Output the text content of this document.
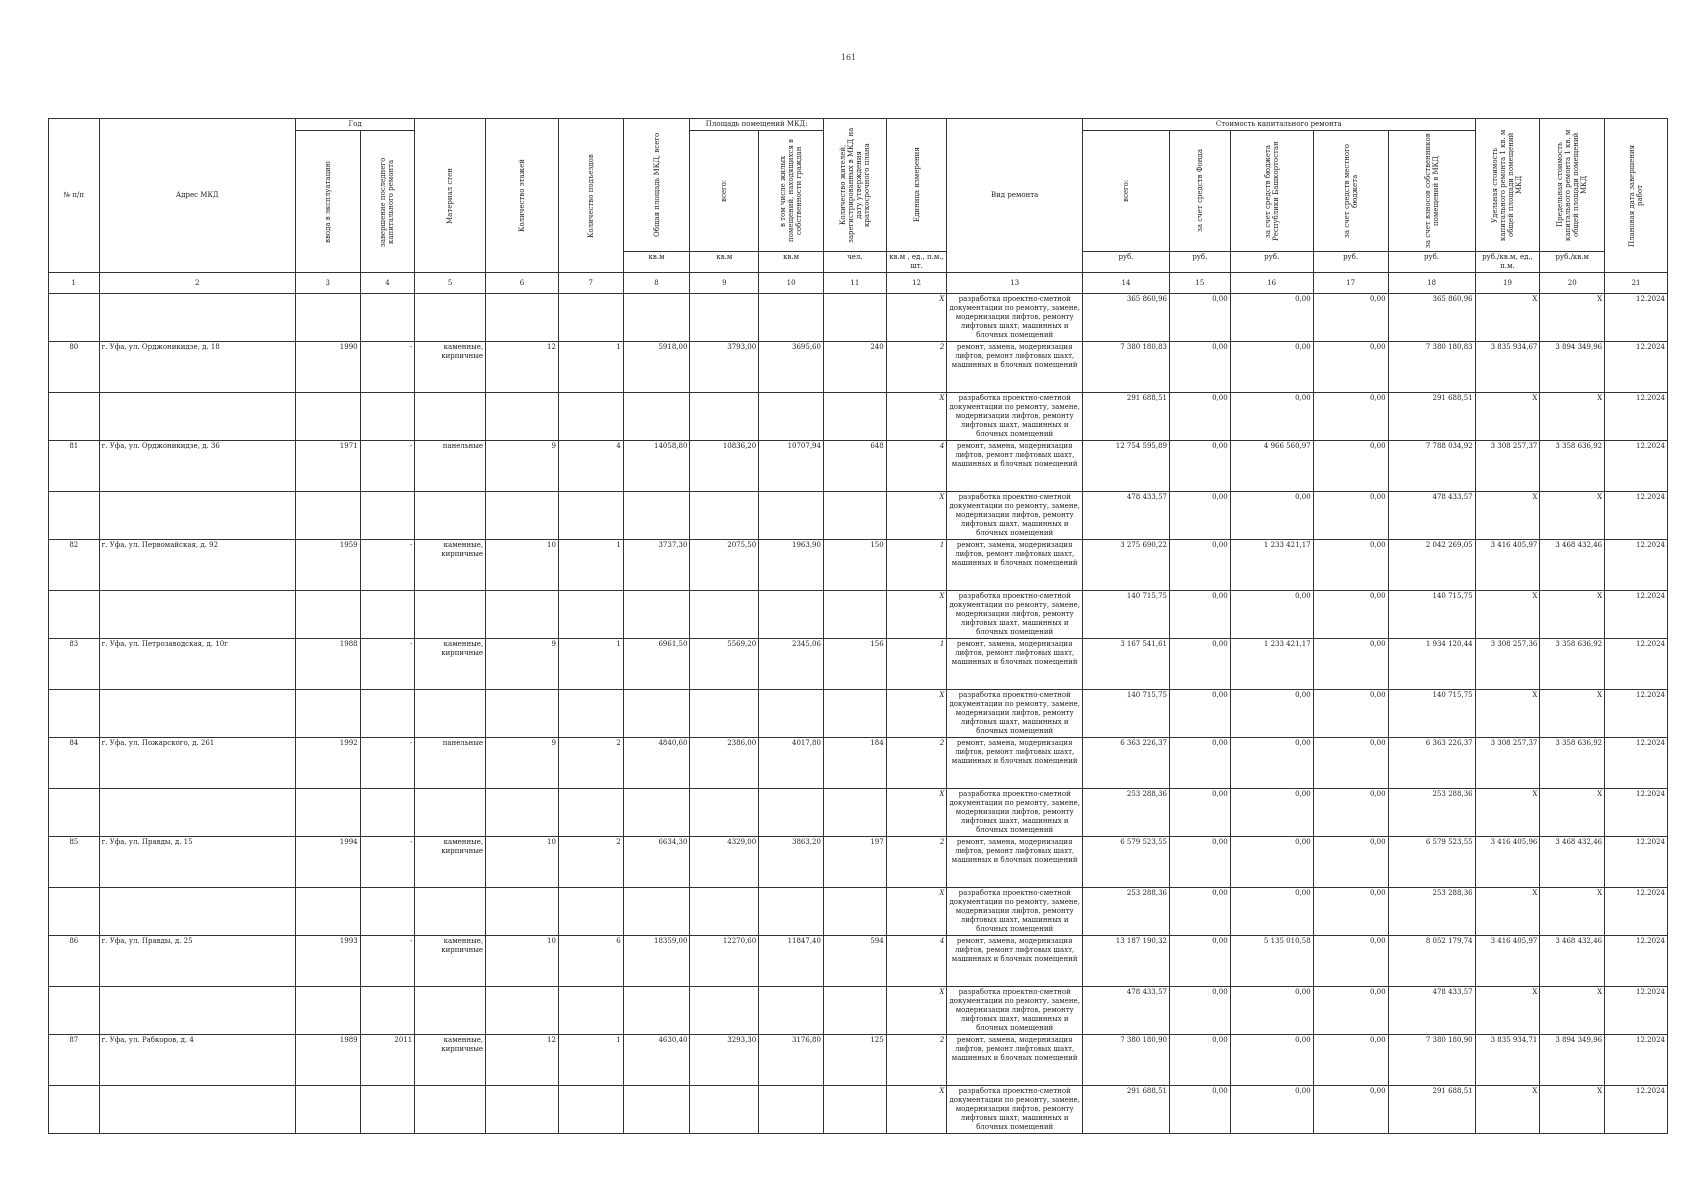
161
№ п/п	Адрес МКД	Год		Материал стен	Количество этажей	Количество подъездов	Общая площадь МКД, всего	Площадь помещений МКД:		Количество жителей, зарегистрированных в МКД на дату утверждения краткосрочного плана	Единица измерения	Вид ремонта	Стоимость капитального ремонта					Удельная стоимость капитального ремонта 1 кв. м общей площади помещений МКД	Предельная стоимость капитального ремонта 1 кв. м общей площади помещений МКД	Плановая дата завершения работ

		ввода в эксплуатацию	завершение последнего капитального ремонта					всего:	в том числе жилых помещений, находящихся в собственности граждан				всего:	за счет средств Фонда	за счет средств бюджета Республики Башкортостан	за счет средств местного бюджета	за счет взносов собственников помещений в МКД			

							кв.м	кв.м	кв.м	чел.	кв.м , ед., п.м., шт.		руб.	руб.	руб.	руб.	руб.	руб./кв.м, ед., п.м.	руб./кв.м	
1	2	3	4	5	6	7	8	9	10	11	12	13	14	15	16	17	18	19	20	21
											X	разработка проектно-сметной документации по ремонту, замене, модернизации лифтов, ремонту лифтовых шахт, машинных и блочных помещений	365 860,96	0,00	0,00	0,00	365 860,96	X	X	12.2024
80	г. Уфа, ул. Орджоникидзе, д. 18	1990	-	каменные, кирпичные	12	1	5918,00	3793,00	3695,60	240	2	ремонт, замена, модернизация лифтов, ремонт лифтовых шахт, машинных и блочных помещений	7 380 180,83	0,00	0,00	0,00	7 380 180,83	3 835 934,67	3 894 349,96	12.2024
											X	разработка проектно-сметной документации по ремонту, замене, модернизации лифтов, ремонту лифтовых шахт, машинных и блочных помещений	291 688,51	0,00	0,00	0,00	291 688,51	X	X	12.2024
81	г. Уфа, ул. Орджоникидзе, д. 36	1971	-	панельные	9	4	14058,80	10836,20	10707,94	648	4	ремонт, замена, модернизация лифтов, ремонт лифтовых шахт, машинных и блочных помещений	12 754 595,89	0,00	4 966 560,97	0,00	7 788 034,92	3 308 257,37	3 358 636,92	12.2024
											X	разработка проектно-сметной документации по ремонту, замене, модернизации лифтов, ремонту лифтовых шахт, машинных и блочных помещений	478 433,57	0,00	0,00	0,00	478 433,57	X	X	12.2024
82	г. Уфа, ул. Первомайская, д. 92	1959	-	каменные, кирпичные	10	1	3737,30	2075,50	1963,90	150	1	ремонт, замена, модернизация лифтов, ремонт лифтовых шахт, машинных и блочных помещений	3 275 690,22	0,00	1 233 421,17	0,00	2 042 269,05	3 416 405,97	3 468 432,46	12.2024
											X	разработка проектно-сметной документации по ремонту, замене, модернизации лифтов, ремонту лифтовых шахт, машинных и блочных помещений	140 715,75	0,00	0,00	0,00	140 715,75	X	X	12.2024
83	г. Уфа, ул. Петрозаводская, д. 10г	1988	-	каменные, кирпичные	9	1	6961,50	5569,20	2345,06	156	1	ремонт, замена, модернизация лифтов, ремонт лифтовых шахт, машинных и блочных помещений	3 167 541,61	0,00	1 233 421,17	0,00	1 934 120,44	3 308 257,36	3 358 636,92	12.2024
											X	разработка проектно-сметной документации по ремонту, замене, модернизации лифтов, ремонту лифтовых шахт, машинных и блочных помещений	140 715,75	0,00	0,00	0,00	140 715,75	X	X	12.2024
84	г. Уфа, ул. Пожарского, д. 261	1992	-	панельные	9	2	4840,60	2386,00	4017,80	184	2	ремонт, замена, модернизация лифтов, ремонт лифтовых шахт, машинных и блочных помещений	6 363 226,37	0,00	0,00	0,00	6 363 226,37	3 308 257,37	3 358 636,92	12.2024
											X	разработка проектно-сметной документации по ремонту, замене, модернизации лифтов, ремонту лифтовых шахт, машинных и блочных помещений	253 288,36	0,00	0,00	0,00	253 288,36	X	X	12.2024
85	г. Уфа, ул. Правды, д. 15	1994	-	каменные, кирпичные	10	2	6634,30	4329,00	3863,20	197	2	ремонт, замена, модернизация лифтов, ремонт лифтовых шахт, машинных и блочных помещений	6 579 523,55	0,00	0,00	0,00	6 579 523,55	3 416 405,96	3 468 432,46	12.2024
											X	разработка проектно-сметной документации по ремонту, замене, модернизации лифтов, ремонту лифтовых шахт, машинных и блочных помещений	253 288,36	0,00	0,00	0,00	253 288,36	X	X	12.2024
86	г. Уфа, ул. Правды, д. 25	1993	-	каменные, кирпичные	10	6	18359,00	12270,60	11847,40	594	4	ремонт, замена, модернизация лифтов, ремонт лифтовых шахт, машинных и блочных помещений	13 187 190,32	0,00	5 135 010,58	0,00	8 052 179,74	3 416 405,97	3 468 432,46	12.2024
											X	разработка проектно-сметной документации по ремонту, замене, модернизации лифтов, ремонту лифтовых шахт, машинных и блочных помещений	478 433,57	0,00	0,00	0,00	478 433,57	X	X	12.2024
87	г. Уфа, ул. Рабкоров, д. 4	1989	2011	каменные, кирпичные	12	1	4630,40	3293,30	3176,80	125	2	ремонт, замена, модернизация лифтов, ремонт лифтовых шахт, машинных и блочных помещений	7 380 180,90	0,00	0,00	0,00	7 380 180,90	3 835 934,71	3 894 349,96	12.2024
											X	разработка проектно-сметной документации по ремонту, замене, модернизации лифтов, ремонту лифтовых шахт, машинных и блочных помещений	291 688,51	0,00	0,00	0,00	291 688,51	X	X	12.2024
